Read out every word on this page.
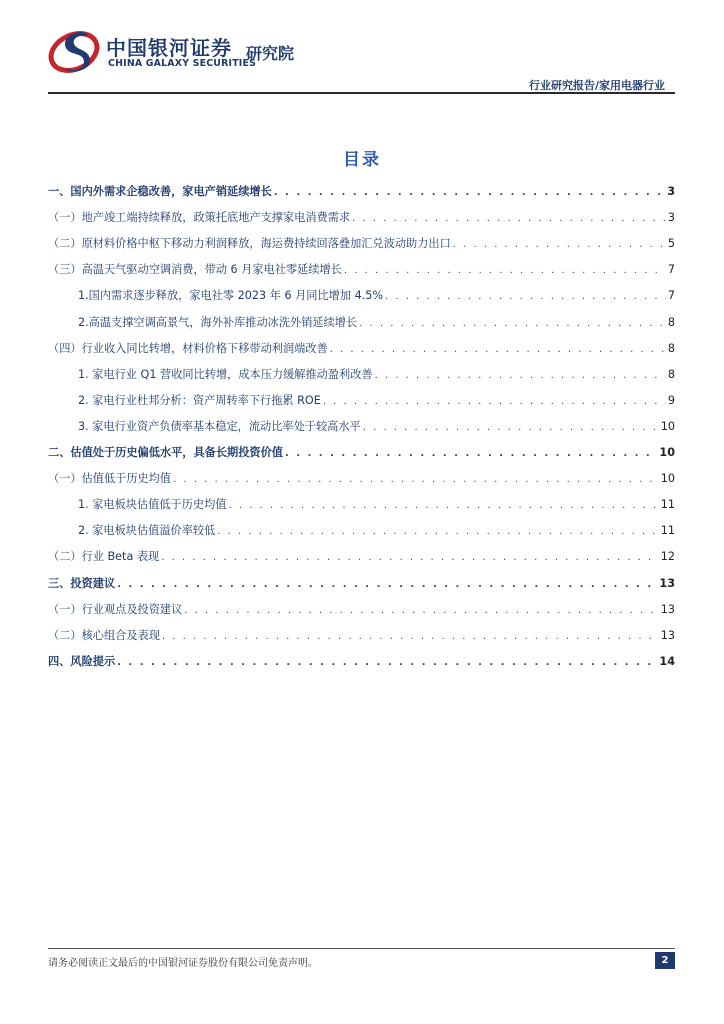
中国银河证券
CHINA GALAXY SECURITIES
研究院
行业研究报告/家用电器行业
目录
一、国内外需求企稳改善，家电产销延续增长 . . .	3
（一）地产竣工端持续释放，政策托底地产支撑家电消费需求 . . .	3
（二）原材料价格中枢下移动力利润释放，海运费持续回落叠加汇兑波动助力出口 . . .	5
（三）高温天气驱动空调消费，带动 6 月家电社零延续增长 . . .	7
1.国内需求逐步释放，家电社零 2023 年 6 月同比增加 4.5% . . .	7
2.高温支撑空调高景气，海外补库推动冰洗外销延续增长 . . .	8
（四）行业收入同比转增，材料价格下移带动利润端改善 . . .	8
1. 家电行业 Q1 营收同比转增，成本压力缓解推动盈利改善 . . .	8
2. 家电行业杜邦分析：资产周转率下行拖累 ROE . . .	9
3. 家电行业资产负债率基本稳定，流动比率处于较高水平 . . .	10
二、估值处于历史偏低水平，具备长期投资价值 . . .	10
（一）估值低于历史均值 . . .	10
1. 家电板块估值低于历史均值 . . .	11
2. 家电板块估值溢价率较低 . . .	11
（二）行业 Beta 表现 . . .	12
三、投资建议 . . .	13
（一）行业观点及投资建议 . . .	13
（二）核心组合及表现 . . .	13
四、风险提示 . . .	14
请务必阅读正文最后的中国银河证券股份有限公司免责声明。	2
